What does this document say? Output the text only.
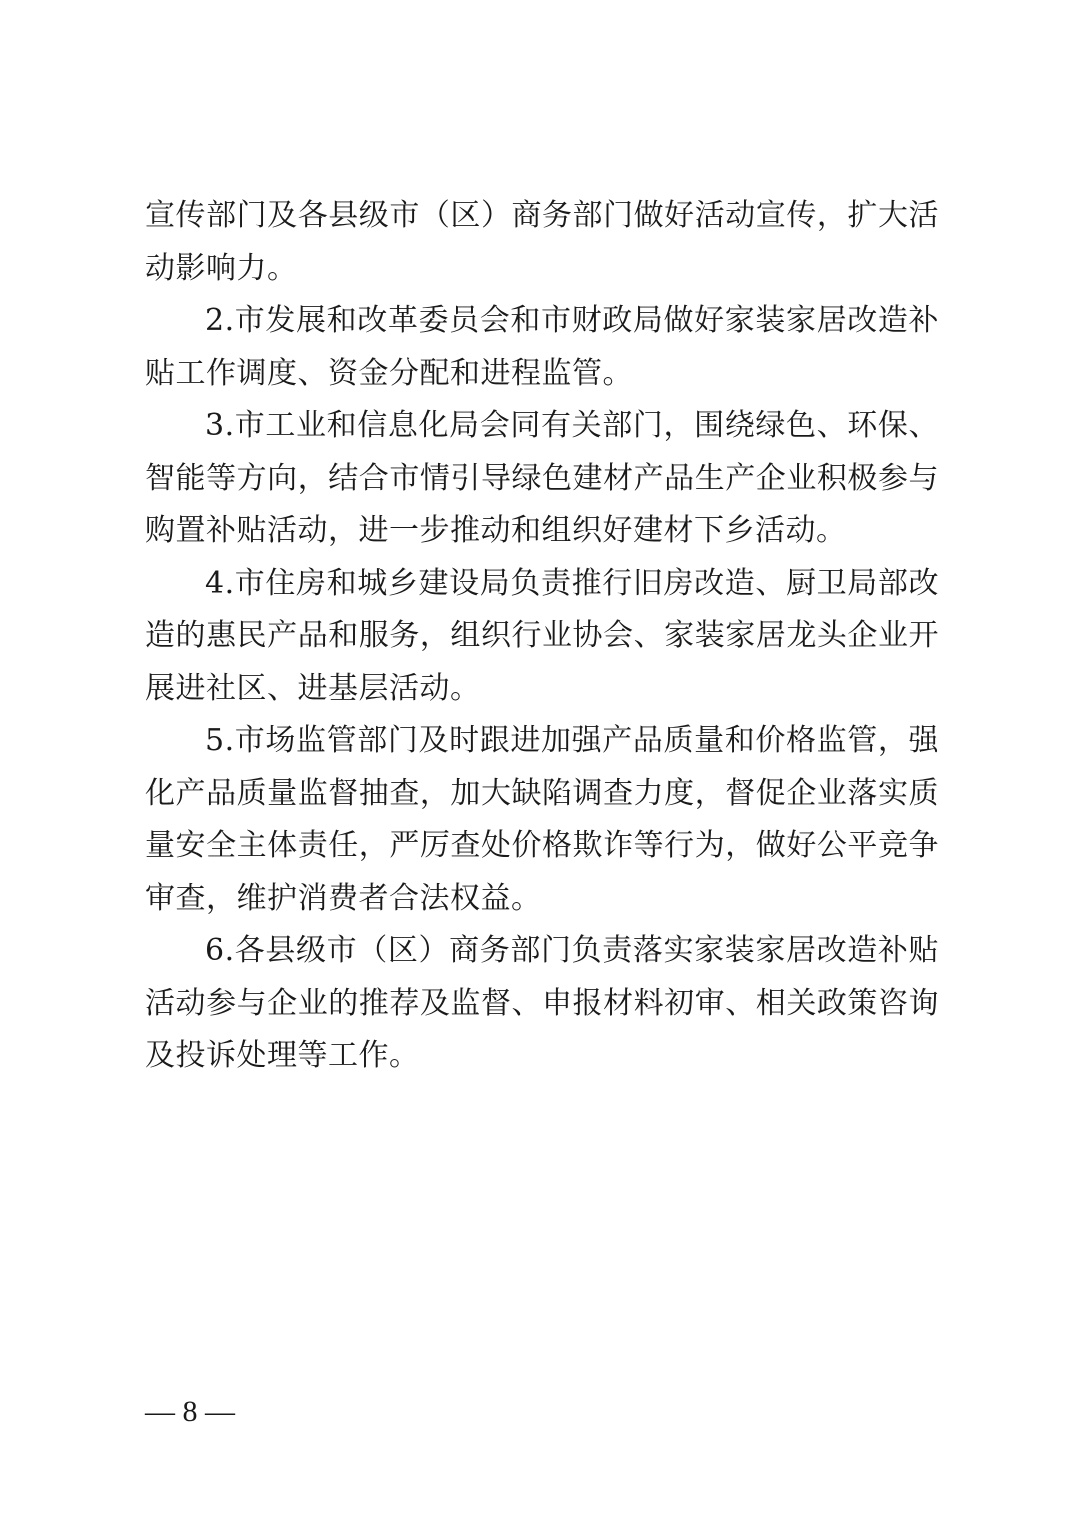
宣传部门及各县级市（区）商务部门做好活动宣传，扩大活动影响力。

2.市发展和改革委员会和市财政局做好家装家居改造补贴工作调度、资金分配和进程监管。

3.市工业和信息化局会同有关部门，围绕绿色、环保、智能等方向，结合市情引导绿色建材产品生产企业积极参与购置补贴活动，进一步推动和组织好建材下乡活动。

4.市住房和城乡建设局负责推行旧房改造、厨卫局部改造的惠民产品和服务，组织行业协会、家装家居龙头企业开展进社区、进基层活动。

5.市场监管部门及时跟进加强产品质量和价格监管，强化产品质量监督抽查，加大缺陷调查力度，督促企业落实质量安全主体责任，严厉查处价格欺诈等行为，做好公平竞争审查，维护消费者合法权益。

6.各县级市（区）商务部门负责落实家装家居改造补贴活动参与企业的推荐及监督、申报材料初审、相关政策咨询及投诉处理等工作。

— 8 —
